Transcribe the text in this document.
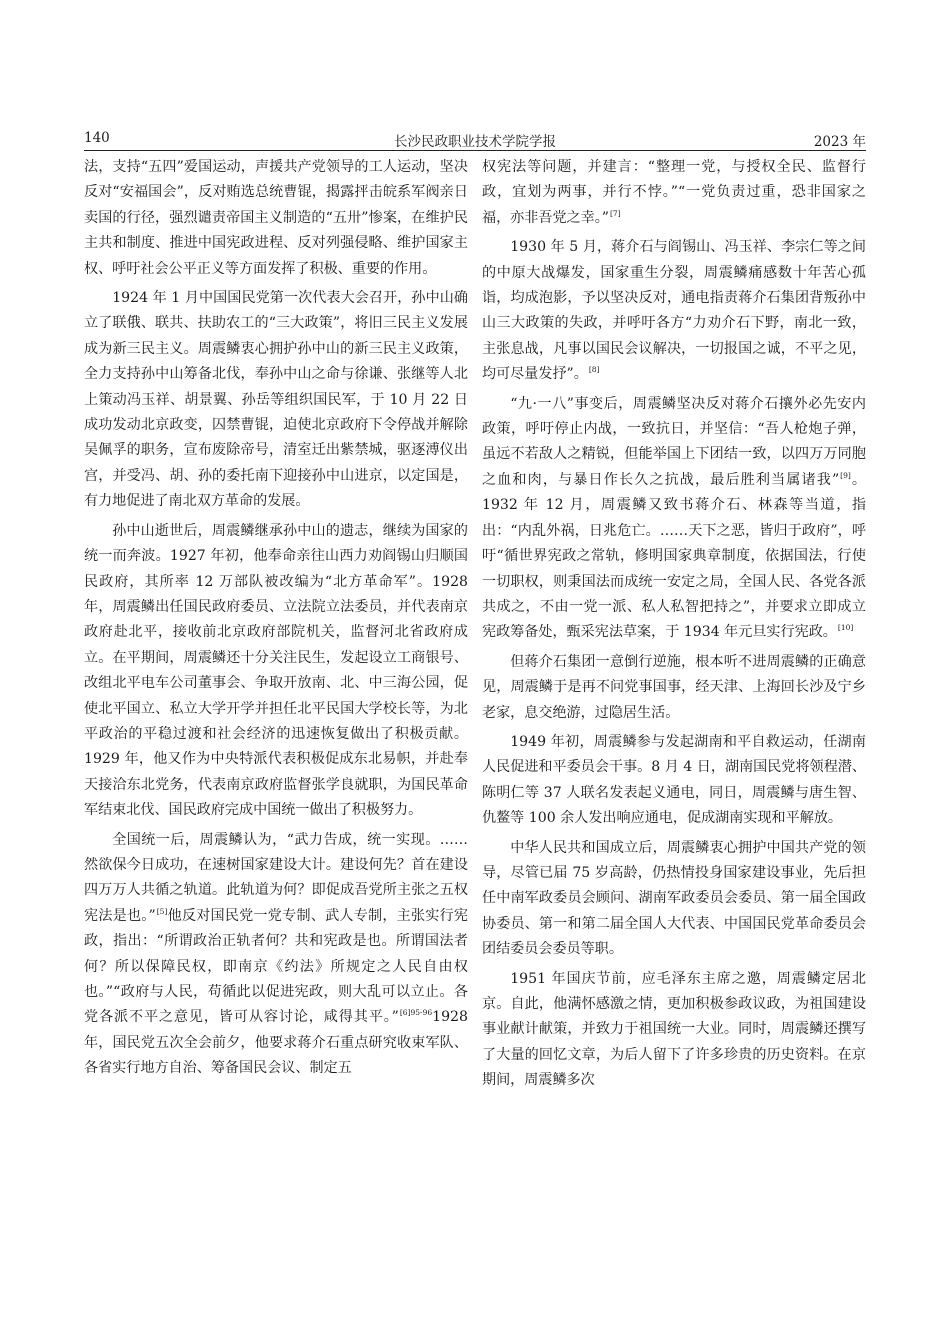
140	长沙民政职业技术学院学报	2023 年

法，支持“五四”爱国运动，声援共产党领导的工人运动，坚决反对“安福国会”，反对贿选总统曹锟，揭露抨击皖系军阀亲日卖国的行径，强烈谴责帝国主义制造的“五卅”惨案，在维护民主共和制度、推进中国宪政进程、反对列强侵略、维护国家主权、呼吁社会公平正义等方面发挥了积极、重要的作用。

1924 年 1 月中国国民党第一次代表大会召开，孙中山确立了联俄、联共、扶助农工的“三大政策”，将旧三民主义发展成为新三民主义。周震鳞衷心拥护孙中山的新三民主义政策，全力支持孙中山筹备北伐，奉孙中山之命与徐谦、张继等人北上策动冯玉祥、胡景翼、孙岳等组织国民军，于 10 月 22 日成功发动北京政变，囚禁曹锟，迫使北京政府下令停战并解除吴佩孚的职务，宣布废除帝号，清室迁出紫禁城，驱逐溥仪出宫，并受冯、胡、孙的委托南下迎接孙中山进京，以定国是，有力地促进了南北双方革命的发展。

孙中山逝世后，周震鳞继承孙中山的遗志，继续为国家的统一而奔波。1927 年初，他奉命亲往山西力劝阎锡山归顺国民政府，其所率 12 万部队被改编为“北方革命军”。1928 年，周震鳞出任国民政府委员、立法院立法委员，并代表南京政府赴北平，接收前北京政府部院机关，监督河北省政府成立。在平期间，周震鳞还十分关注民生，发起设立工商银号、改组北平电车公司董事会、争取开放南、北、中三海公园，促使北平国立、私立大学开学并担任北平民国大学校长等，为北平政治的平稳过渡和社会经济的迅速恢复做出了积极贡献。1929 年，他又作为中央特派代表积极促成东北易帜，并赴奉天接洽东北党务，代表南京政府监督张学良就职，为国民革命军结束北伐、国民政府完成中国统一做出了积极努力。

全国统一后，周震鳞认为，“武力告成，统一实现。……然欲保今日成功，在速树国家建设大计。建设何先？首在建设四万万人共循之轨道。此轨道为何？即促成吾党所主张之五权宪法是也。”[5]他反对国民党一党专制、武人专制，主张实行宪政，指出：“所谓政治正轨者何？共和宪政是也。所谓国法者何？所以保障民权，即南京《约法》所规定之人民自由权也。”“政府与人民，苟循此以促进宪政，则大乱可以立止。各党各派不平之意见，皆可从容讨论，咸得其平。”$^{[6]95-96}$1928 年，国民党五次全会前夕，他要求蒋介石重点研究收束军队、各省实行地方自治、筹备国民会议、制定五

权宪法等问题，并建言：“整理一党，与授权全民、监督行政，宜划为两事，并行不悖。”“一党负责过重，恐非国家之福，亦非吾党之幸。”[7]

1930 年 5 月，蒋介石与阎锡山、冯玉祥、李宗仁等之间的中原大战爆发，国家重生分裂，周震鳞痛感数十年苦心孤诣，均成泡影，予以坚决反对，通电指责蒋介石集团背叛孙中山三大政策的失政，并呼吁各方“力劝介石下野，南北一致，主张息战，凡事以国民会议解决，一切报国之诚，不平之见，均可尽量发抒”。[8]

“九·一八”事变后，周震鳞坚决反对蒋介石攘外必先安内政策，呼吁停止内战，一致抗日，并坚信：“吾人枪炮子弹，虽远不若敌人之精锐，但能举国上下团结一致，以四万万同胞之血和肉，与暴日作长久之抗战，最后胜利当属诸我”[9]。1932 年 12 月，周震鳞又致书蒋介石、林森等当道，指出：“内乱外祸，日兆危亡。……天下之恶，皆归于政府”，呼吁“循世界宪政之常轨，修明国家典章制度，依据国法，行使一切职权，则秉国法而成统一安定之局，全国人民、各党各派共成之，不由一党一派、私人私智把持之”，并要求立即成立宪政筹备处，甄采宪法草案，于 1934 年元旦实行宪政。[10]

但蒋介石集团一意倒行逆施，根本听不进周震鳞的正确意见，周震鳞于是再不问党事国事，经天津、上海回长沙及宁乡老家，息交绝游，过隐居生活。

1949 年初，周震鳞参与发起湖南和平自救运动，任湖南人民促进和平委员会干事。8 月 4 日，湖南国民党将领程潜、陈明仁等 37 人联名发表起义通电，同日，周震鳞与唐生智、仇鳌等 100 余人发出响应通电，促成湖南实现和平解放。

中华人民共和国成立后，周震鳞衷心拥护中国共产党的领导，尽管已届 75 岁高龄，仍热情投身国家建设事业，先后担任中南军政委员会顾问、湖南军政委员会委员、第一届全国政协委员、第一和第二届全国人大代表、中国国民党革命委员会团结委员会委员等职。

1951 年国庆节前，应毛泽东主席之邀，周震鳞定居北京。自此，他满怀感激之情，更加积极参政议政，为祖国建设事业献计献策，并致力于祖国统一大业。同时，周震鳞还撰写了大量的回忆文章，为后人留下了许多珍贵的历史资料。在京期间，周震鳞多次
